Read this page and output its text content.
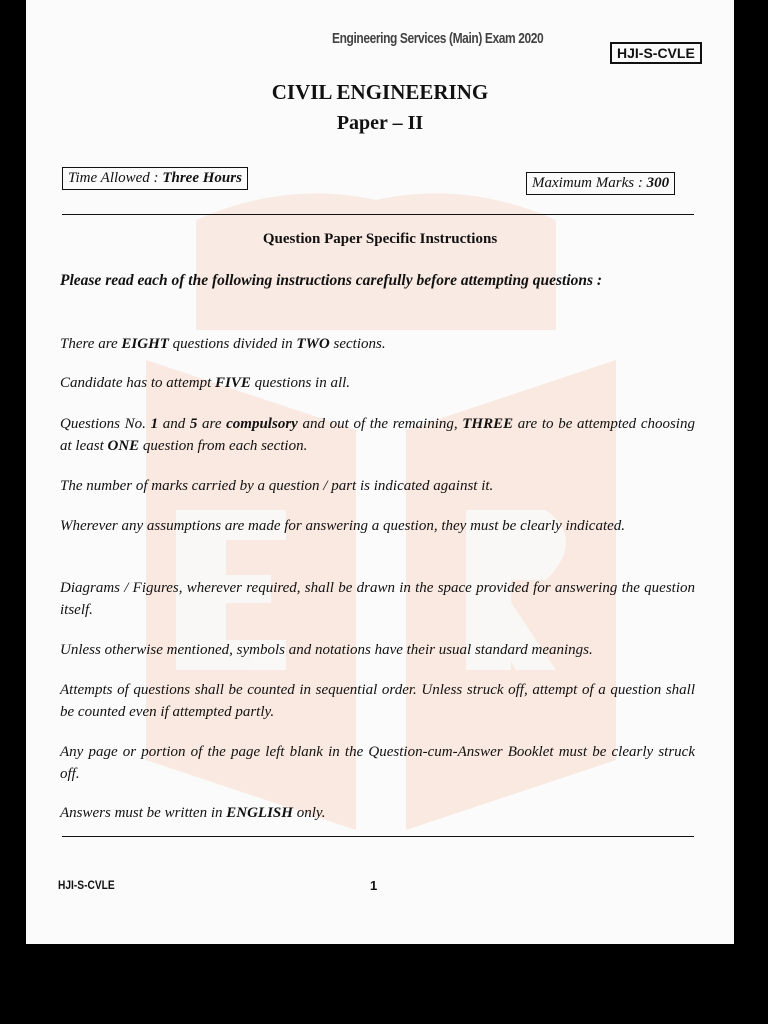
Engineering Services (Main) Exam 2020
HJI-S-CVLE
CIVIL ENGINEERING
Paper – II
Time Allowed : Three Hours	Maximum Marks : 300
Question Paper Specific Instructions
Please read each of the following instructions carefully before attempting questions :
There are EIGHT questions divided in TWO sections.
Candidate has to attempt FIVE questions in all.
Questions No. 1 and 5 are compulsory and out of the remaining, THREE are to be attempted choosing at least ONE question from each section.
The number of marks carried by a question / part is indicated against it.
Wherever any assumptions are made for answering a question, they must be clearly indicated.
Diagrams / Figures, wherever required, shall be drawn in the space provided for answering the question itself.
Unless otherwise mentioned, symbols and notations have their usual standard meanings.
Attempts of questions shall be counted in sequential order. Unless struck off, attempt of a question shall be counted even if attempted partly.
Any page or portion of the page left blank in the Question-cum-Answer Booklet must be clearly struck off.
Answers must be written in ENGLISH only.
HJI-S-CVLE	1
